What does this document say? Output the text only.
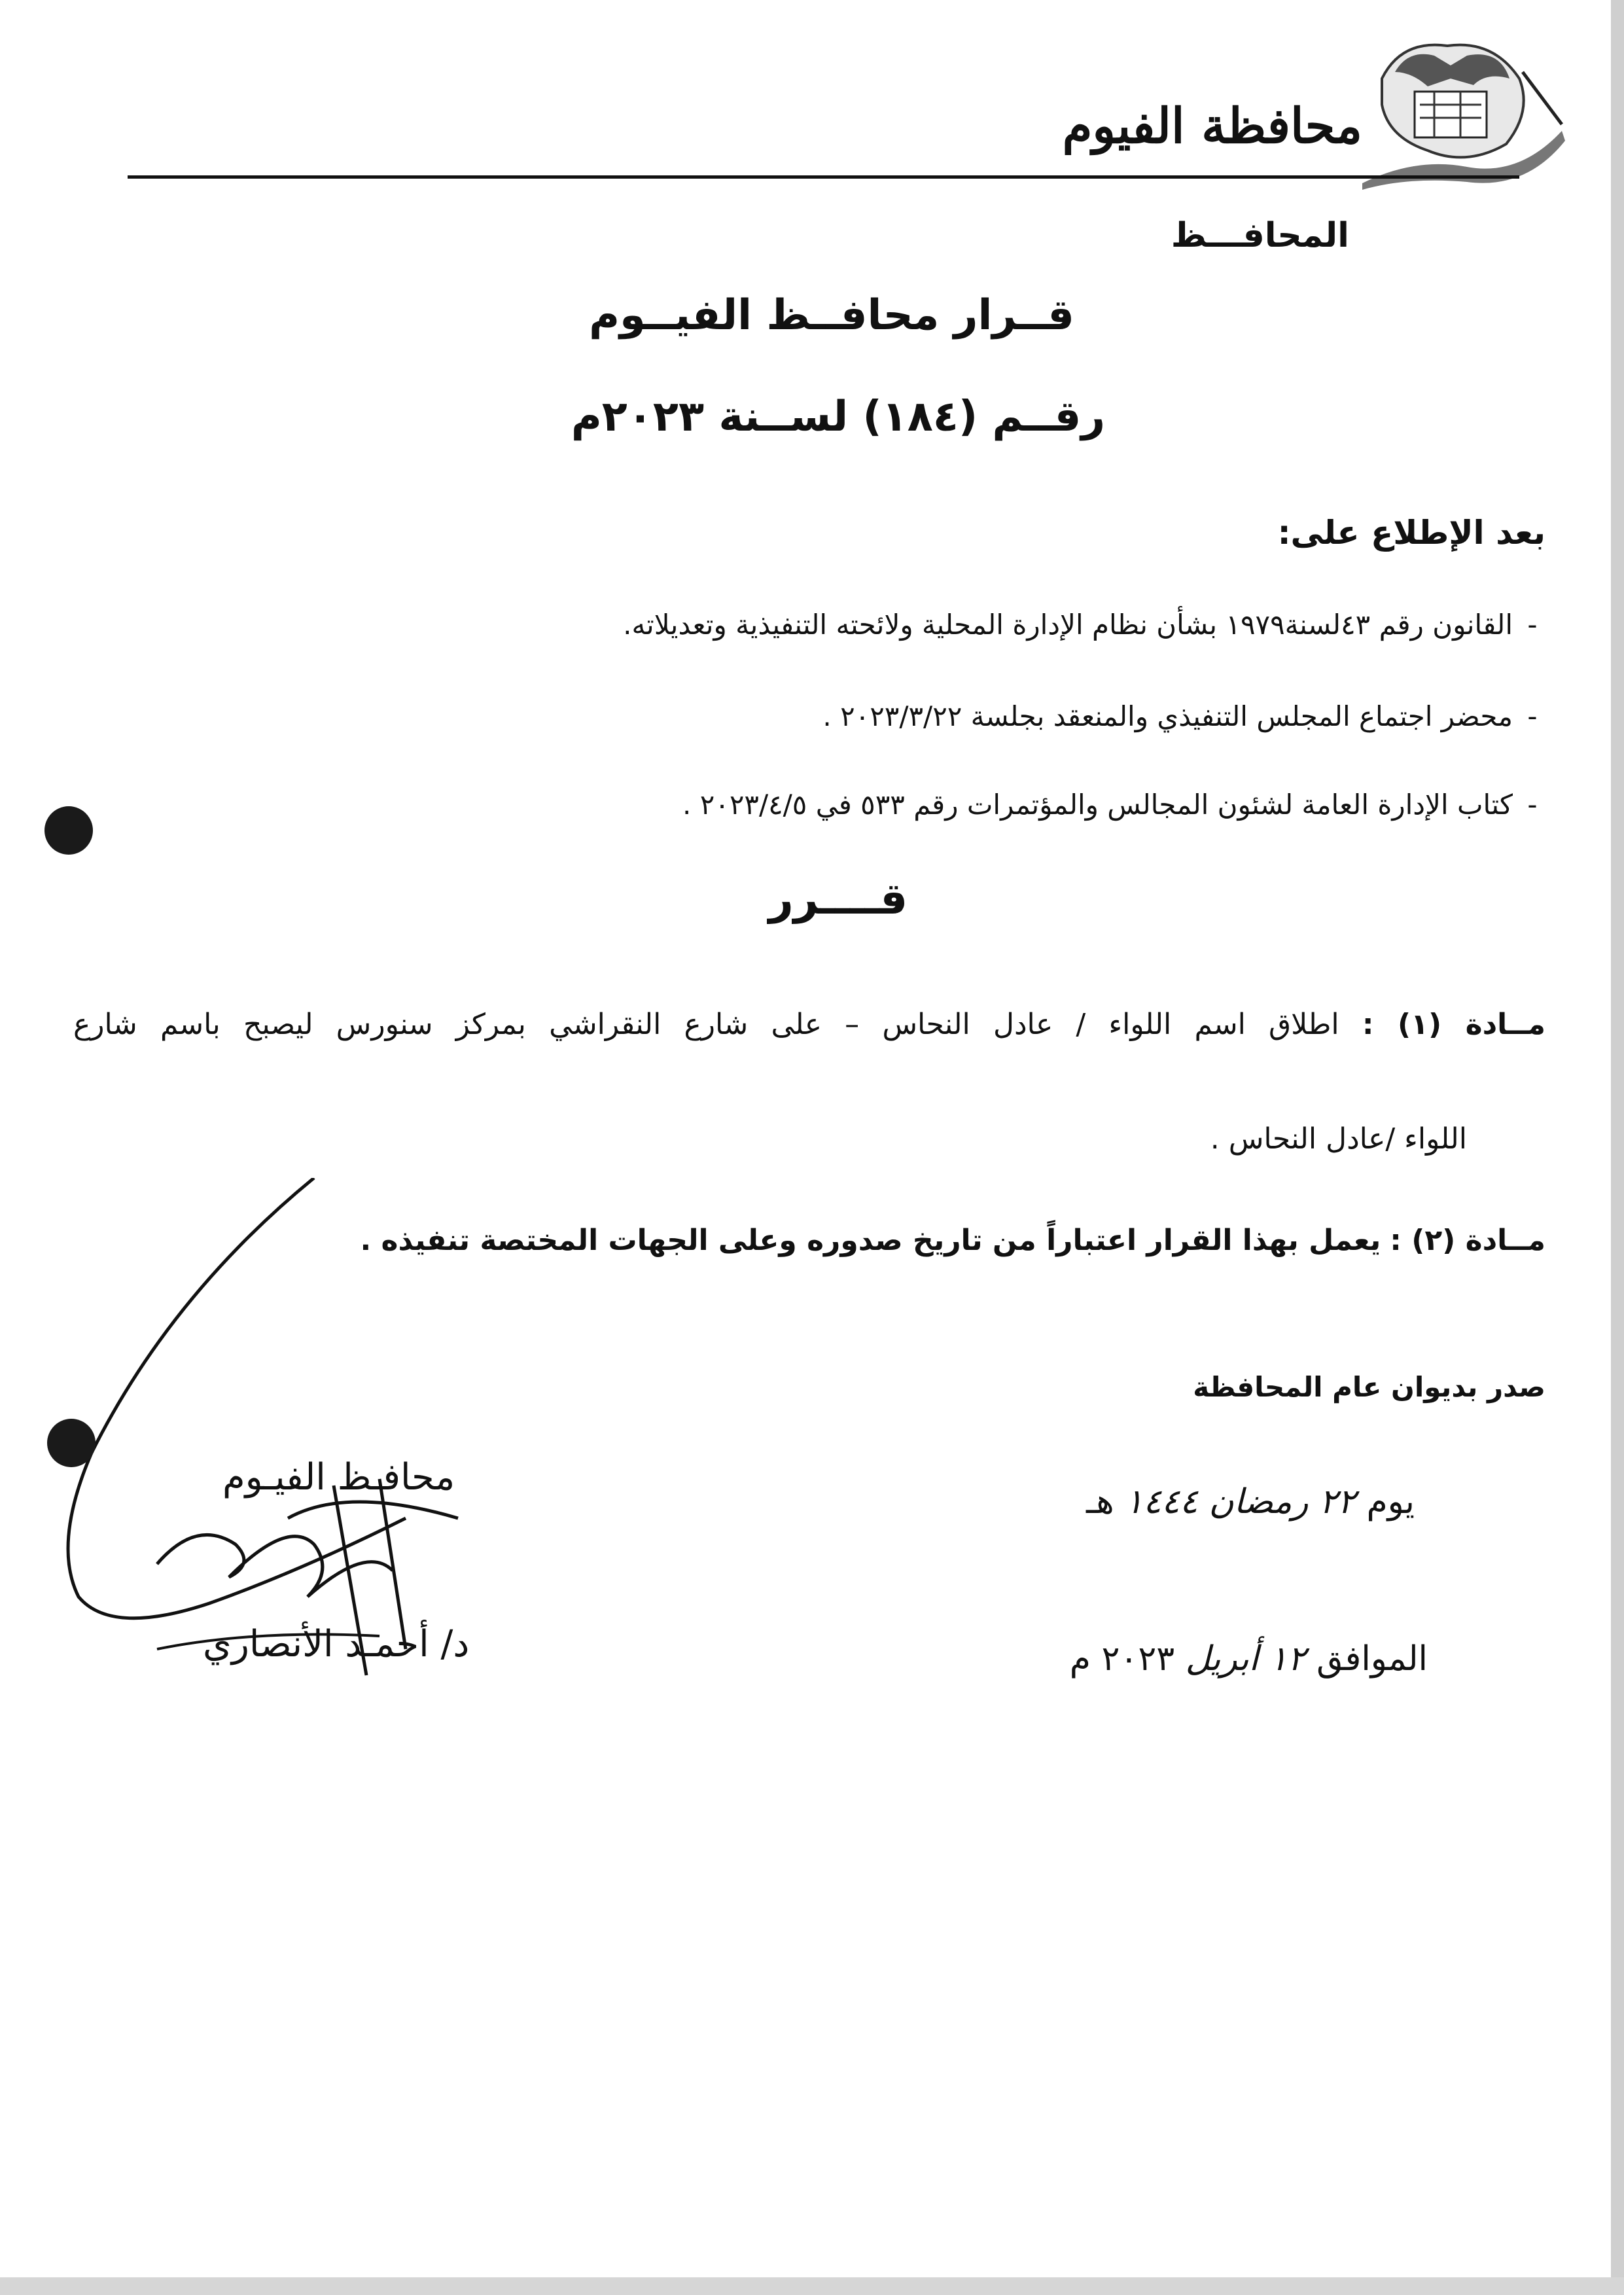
محافظة الفيوم
المحافـــظ
قــرار محافــظ الفيــوم
رقــم (١٨٤) لســنة ٢٠٢٣م
بعد الإطلاع على:
-القانون رقم ٤٣لسنة١٩٧٩ بشأن نظام الإدارة المحلية ولائحته التنفيذية وتعديلاته.
-محضر اجتماع المجلس التنفيذي والمنعقد بجلسة ٢٠٢٣/٣/٢٢ .
-كتاب الإدارة العامة لشئون المجالس والمؤتمرات رقم ٥٣٣ في ٢٠٢٣/٤/٥ .
قــــرر
مــادة (١) : اطلاق اسم اللواء / عادل النحاس – على شارع النقراشي بمركز سنورس ليصبح باسم شارع
اللواء /عادل النحاس .
مــادة (٢) : يعمل بهذا القرار اعتباراً من تاريخ صدوره وعلى الجهات المختصة تنفيذه .
صدر بديوان عام المحافظة
يوم ٢٢ رمضان ١٤٤٤ هـ
الموافق ١٢ أبريل ٢٠٢٣ م
محافـظ الفيـوم
د/ أحمـد الأنصاري
